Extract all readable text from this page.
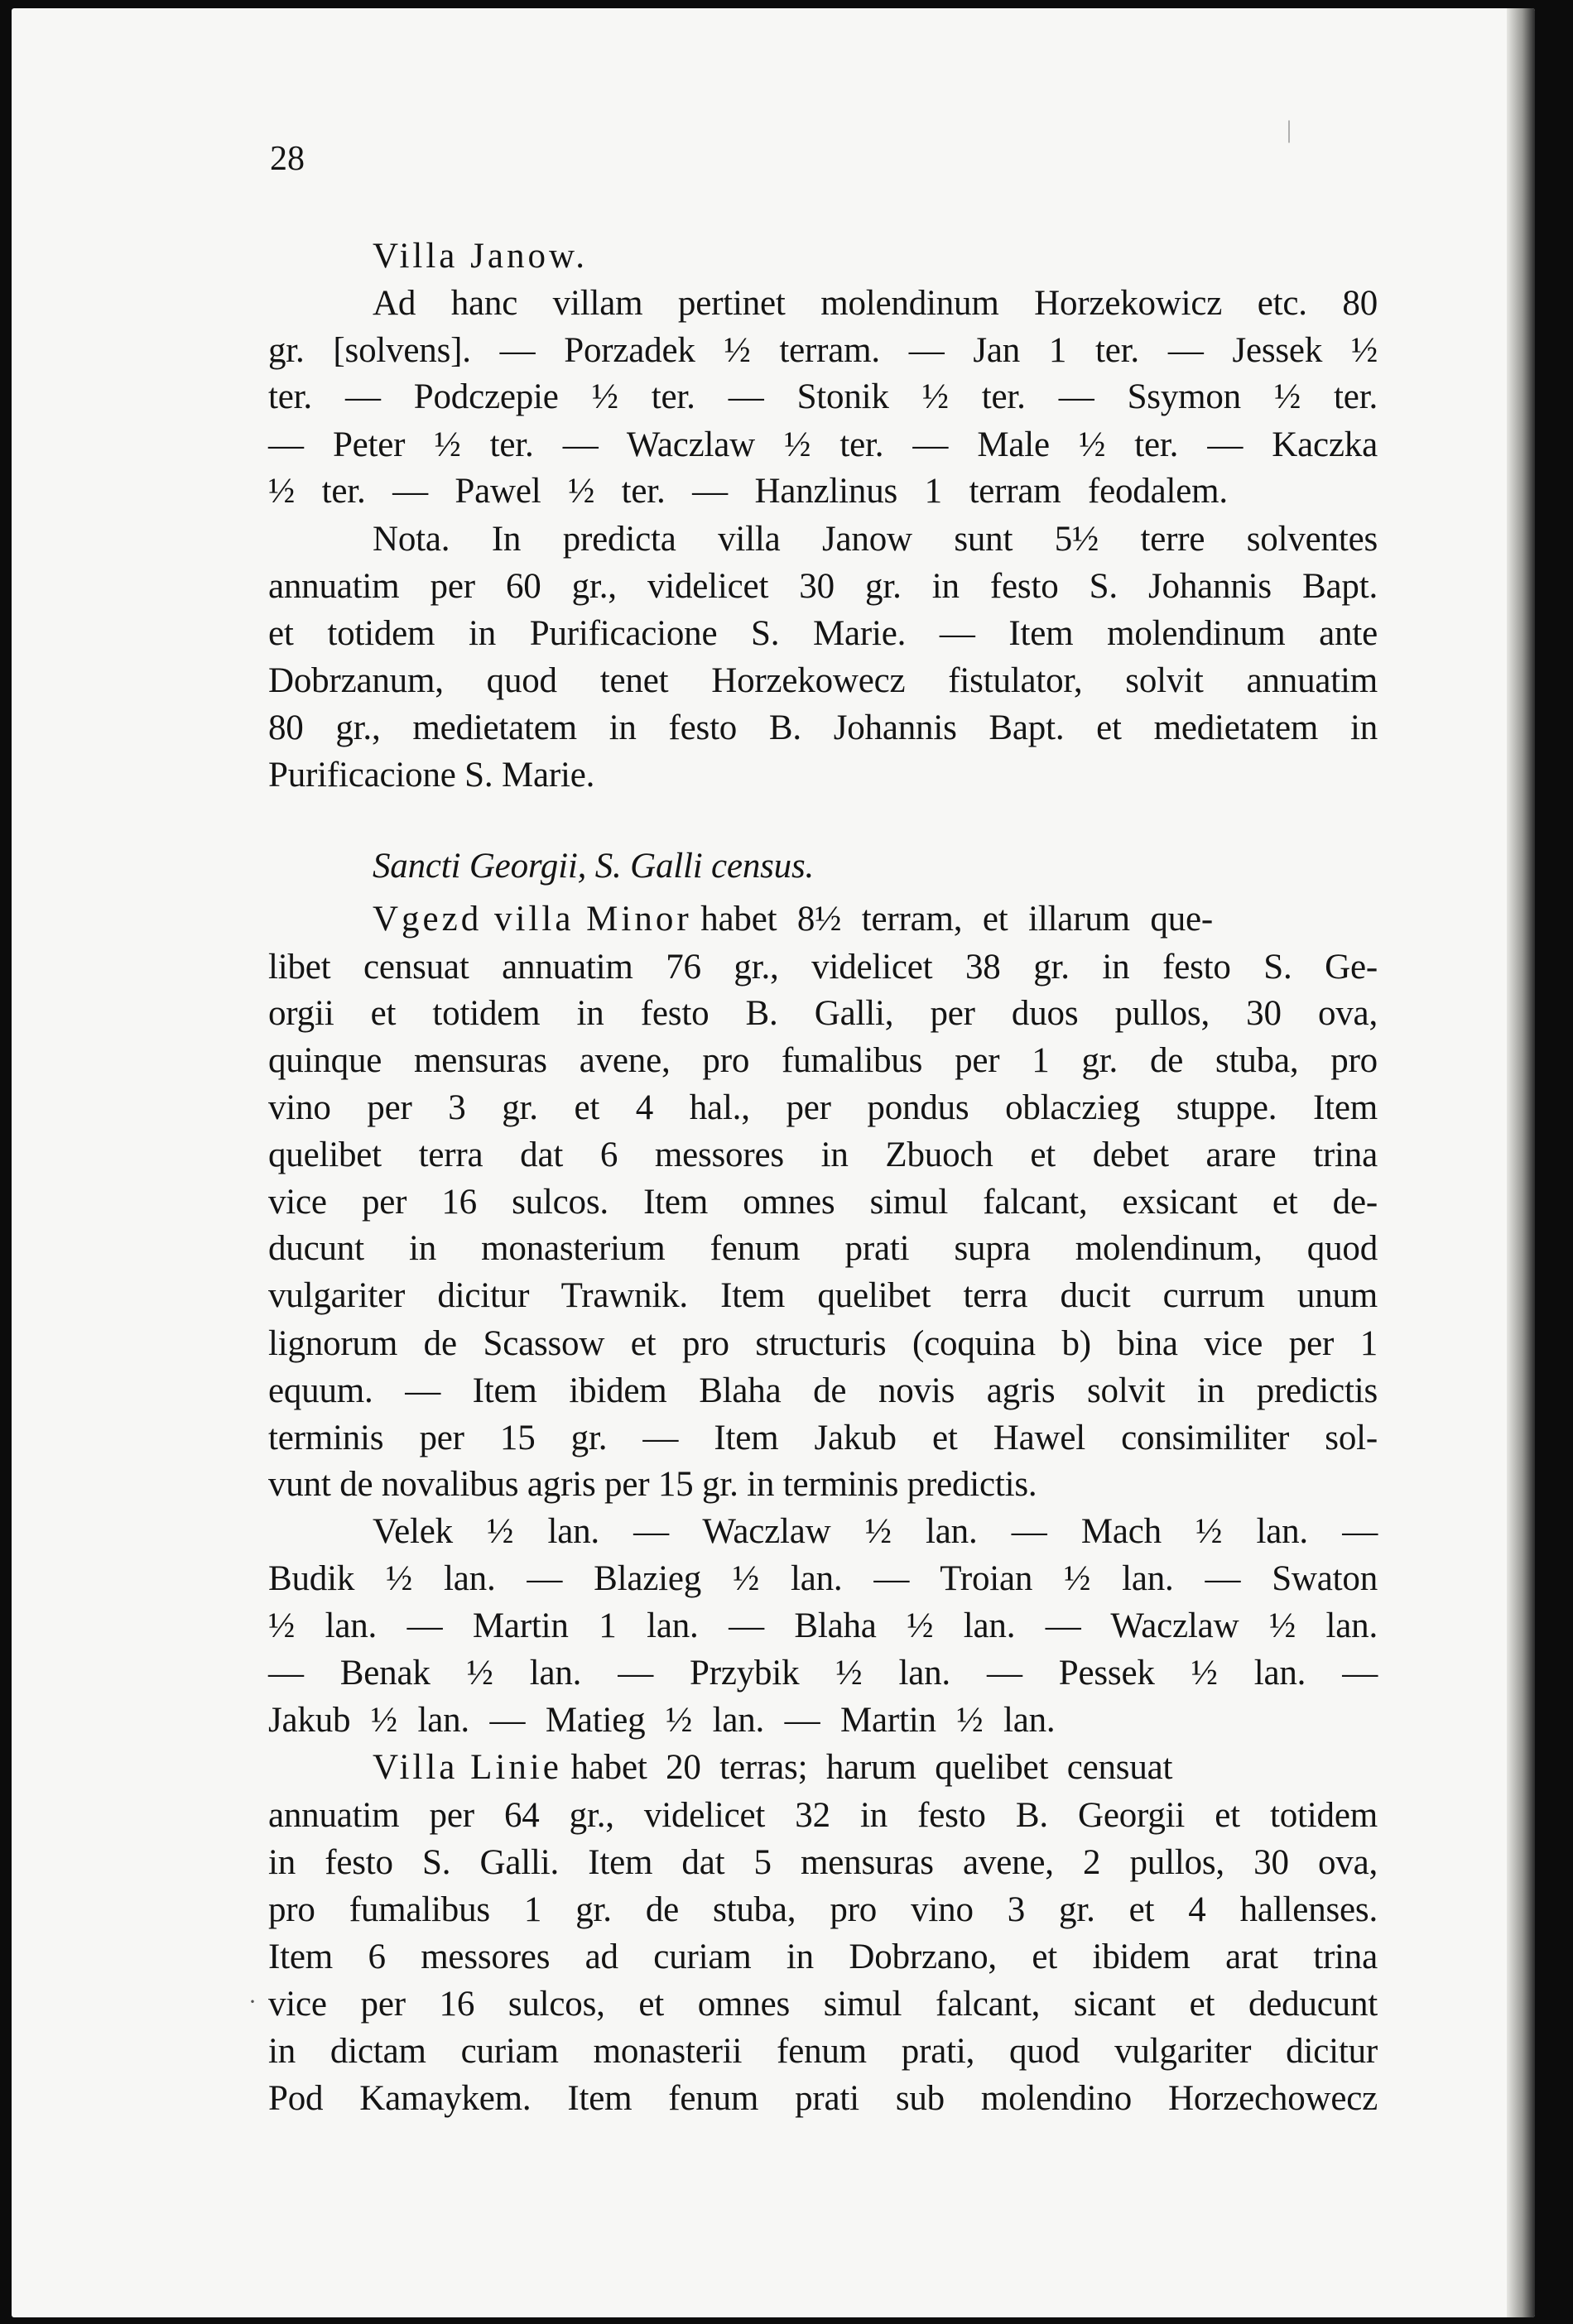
28
Villa Janow.
Ad hanc villam pertinet molendinum Horzekowicz etc. 80
gr. [solvens]. — Porzadek ½ terram. — Jan 1 ter. — Jessek ½
ter. — Podczepie ½ ter. — Stonik ½ ter. — Ssymon ½ ter.
— Peter ½ ter. — Waczlaw ½ ter. — Male ½ ter. — Kaczka
½ ter. — Pawel ½ ter. — Hanzlinus 1 terram feodalem.
Nota. In predicta villa Janow sunt 5½ terre solventes
annuatim per 60 gr., videlicet 30 gr. in festo S. Johannis Bapt.
et totidem in Purificacione S. Marie. — Item molendinum ante
Dobrzanum, quod tenet Horzekowecz fistulator, solvit annuatim
80 gr., medietatem in festo B. Johannis Bapt. et medietatem in
Purificacione S. Marie.
Sancti Georgii, S. Galli census.
Vgezd villa Minor habet 8½ terram, et illarum que-
libet censuat annuatim 76 gr., videlicet 38 gr. in festo S. Ge-
orgii et totidem in festo B. Galli, per duos pullos, 30 ova,
quinque mensuras avene, pro fumalibus per 1 gr. de stuba, pro
vino per 3 gr. et 4 hal., per pondus oblaczieg stuppe. Item
quelibet terra dat 6 messores in Zbuoch et debet arare trina
vice per 16 sulcos. Item omnes simul falcant, exsicant et de-
ducunt in monasterium fenum prati supra molendinum, quod
vulgariter dicitur Trawnik. Item quelibet terra ducit currum unum
lignorum de Scassow et pro structuris (coquina b) bina vice per 1
equum. — Item ibidem Blaha de novis agris solvit in predictis
terminis per 15 gr. — Item Jakub et Hawel consimiliter sol-
vunt de novalibus agris per 15 gr. in terminis predictis.
Velek ½ lan. — Waczlaw ½ lan. — Mach ½ lan. —
Budik ½ lan. — Blazieg ½ lan. — Troian ½ lan. — Swaton
½ lan. — Martin 1 lan. — Blaha ½ lan. — Waczlaw ½ lan.
— Benak ½ lan. — Przybik ½ lan. — Pessek ½ lan. —
Jakub ½ lan. — Matieg ½ lan. — Martin ½ lan.
Villa Linie habet 20 terras; harum quelibet censuat
annuatim per 64 gr., videlicet 32 in festo B. Georgii et totidem
in festo S. Galli. Item dat 5 mensuras avene, 2 pullos, 30 ova,
pro fumalibus 1 gr. de stuba, pro vino 3 gr. et 4 hallenses.
Item 6 messores ad curiam in Dobrzano, et ibidem arat trina
vice per 16 sulcos, et omnes simul falcant, sicant et deducunt
in dictam curiam monasterii fenum prati, quod vulgariter dicitur
Pod Kamaykem. Item fenum prati sub molendino Horzechowecz
·
|
